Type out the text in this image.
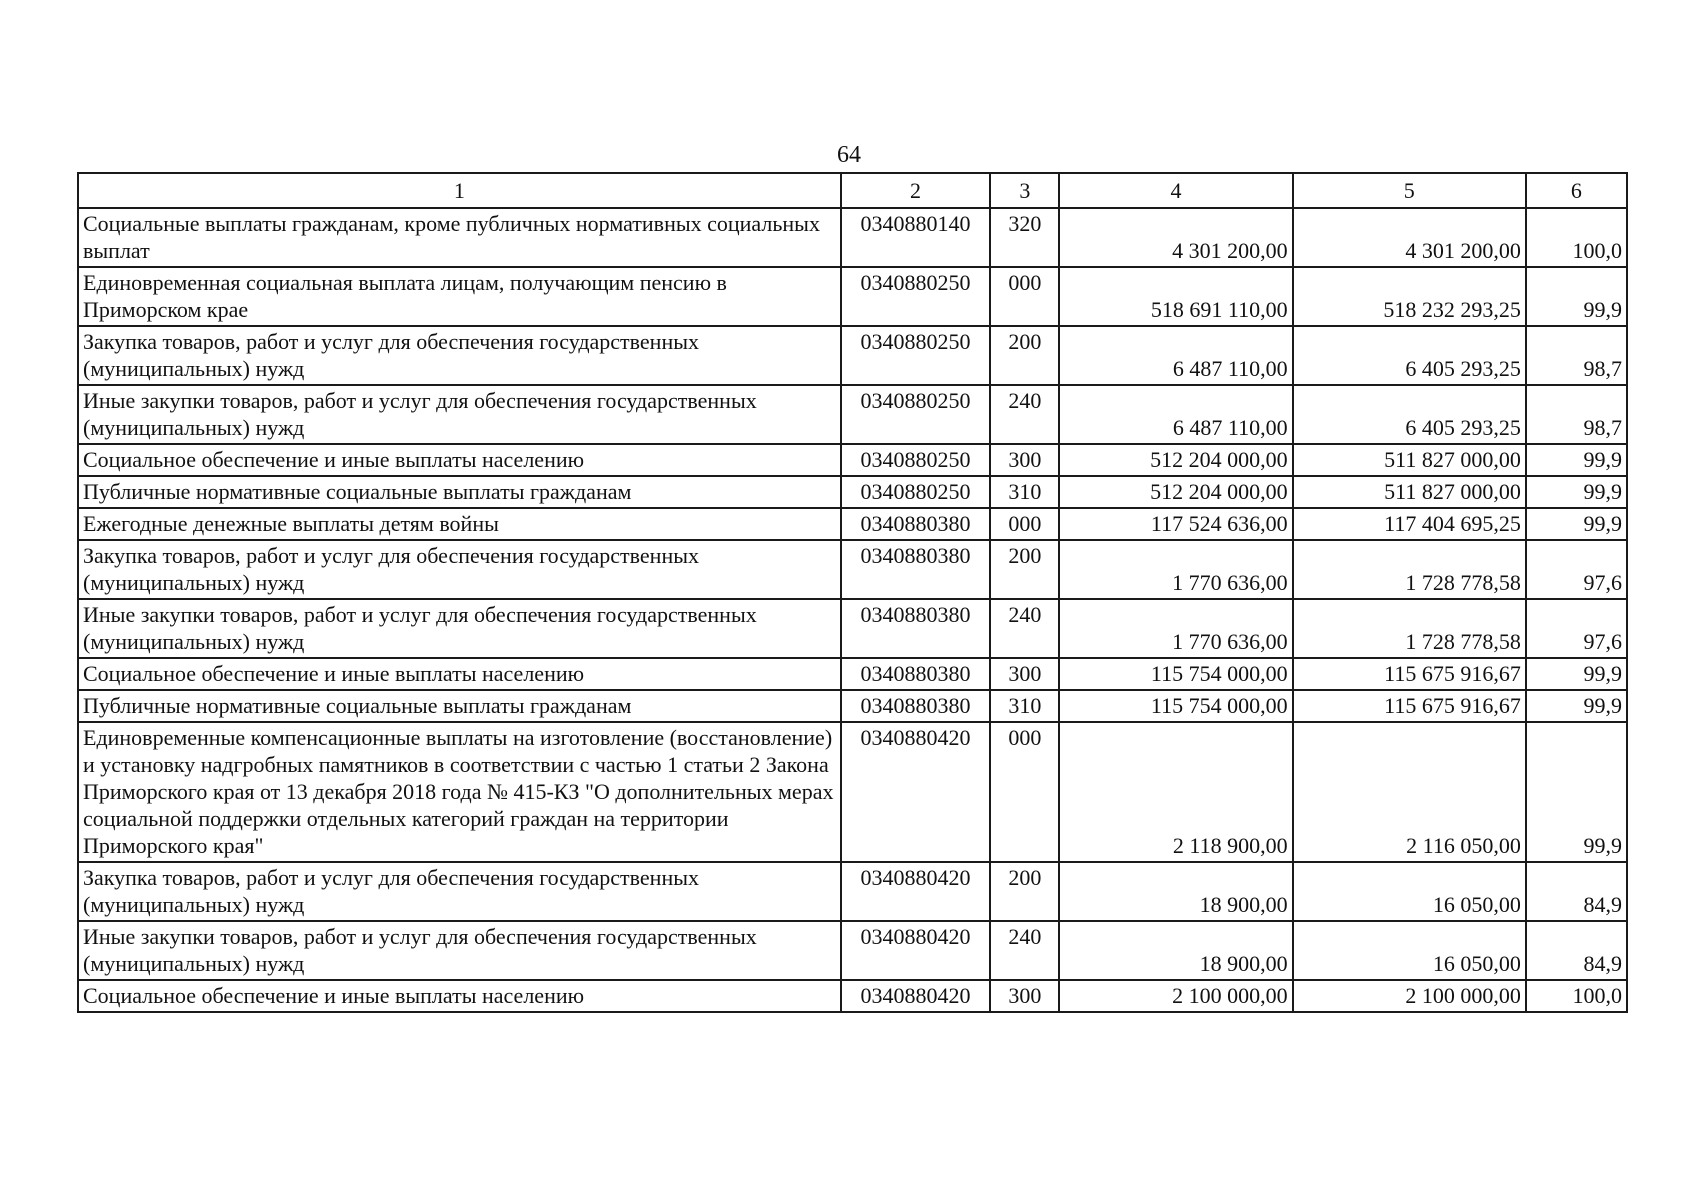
64
1	2	3	4	5	6
Социальные выплаты гражданам, кроме публичных нормативных социальных выплат	0340880140	320	4 301 200,00	4 301 200,00	100,0
Единовременная социальная выплата лицам, получающим пенсию в Приморском крае	0340880250	000	518 691 110,00	518 232 293,25	99,9
Закупка товаров, работ и услуг для обеспечения государственных (муниципальных) нужд	0340880250	200	6 487 110,00	6 405 293,25	98,7
Иные закупки товаров, работ и услуг для обеспечения государственных (муниципальных) нужд	0340880250	240	6 487 110,00	6 405 293,25	98,7
Социальное обеспечение и иные выплаты населению	0340880250	300	512 204 000,00	511 827 000,00	99,9
Публичные нормативные социальные выплаты гражданам	0340880250	310	512 204 000,00	511 827 000,00	99,9
Ежегодные денежные выплаты детям войны	0340880380	000	117 524 636,00	117 404 695,25	99,9
Закупка товаров, работ и услуг для обеспечения государственных (муниципальных) нужд	0340880380	200	1 770 636,00	1 728 778,58	97,6
Иные закупки товаров, работ и услуг для обеспечения государственных (муниципальных) нужд	0340880380	240	1 770 636,00	1 728 778,58	97,6
Социальное обеспечение и иные выплаты населению	0340880380	300	115 754 000,00	115 675 916,67	99,9
Публичные нормативные социальные выплаты гражданам	0340880380	310	115 754 000,00	115 675 916,67	99,9
Единовременные компенсационные выплаты на изготовление (восстановление) и установку надгробных памятников в соответствии с частью 1 статьи 2 Закона Приморского края от 13 декабря 2018 года № 415-КЗ "О дополнительных мерах социальной поддержки отдельных категорий граждан на территории Приморского края"	0340880420	000	2 118 900,00	2 116 050,00	99,9
Закупка товаров, работ и услуг для обеспечения государственных (муниципальных) нужд	0340880420	200	18 900,00	16 050,00	84,9
Иные закупки товаров, работ и услуг для обеспечения государственных (муниципальных) нужд	0340880420	240	18 900,00	16 050,00	84,9
Социальное обеспечение и иные выплаты населению	0340880420	300	2 100 000,00	2 100 000,00	100,0
